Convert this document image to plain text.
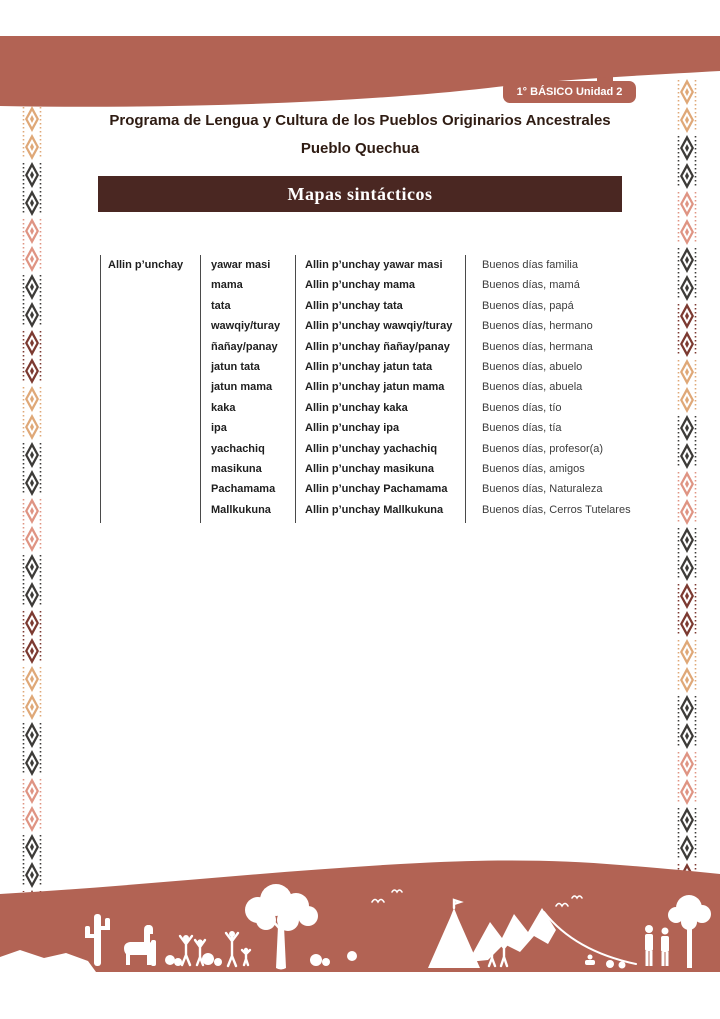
1° BÁSICO Unidad 2
Programa de Lengua y Cultura de los Pueblos Originarios Ancestrales
Pueblo Quechua
Mapas sintácticos
Allin p’unchay	yawar masi
mama
tata
wawqiy/turay
ñañay/panay
jatun tata
jatun mama
kaka
ipa
yachachiq
masikuna
Pachamama
Mallkukuna
Allin p’unchay yawar masi
Allin p’unchay mama
Allin p’unchay tata
Allin p’unchay wawqiy/turay
Allin p’unchay ñañay/panay
Allin p’unchay jatun tata
Allin p’unchay jatun mama
Allin p’unchay kaka
Allin p’unchay ipa
Allin p’unchay yachachiq
Allin p’unchay masikuna
Allin p’unchay Pachamama
Allin p’unchay Mallkukuna
Buenos días familia
Buenos días, mamá
Buenos días, papá
Buenos días, hermano
Buenos días, hermana
Buenos días, abuelo
Buenos días, abuela
Buenos días, tío
Buenos días, tía
Buenos días, profesor(a)
Buenos días, amigos
Buenos días, Naturaleza
Buenos días, Cerros Tutelares
